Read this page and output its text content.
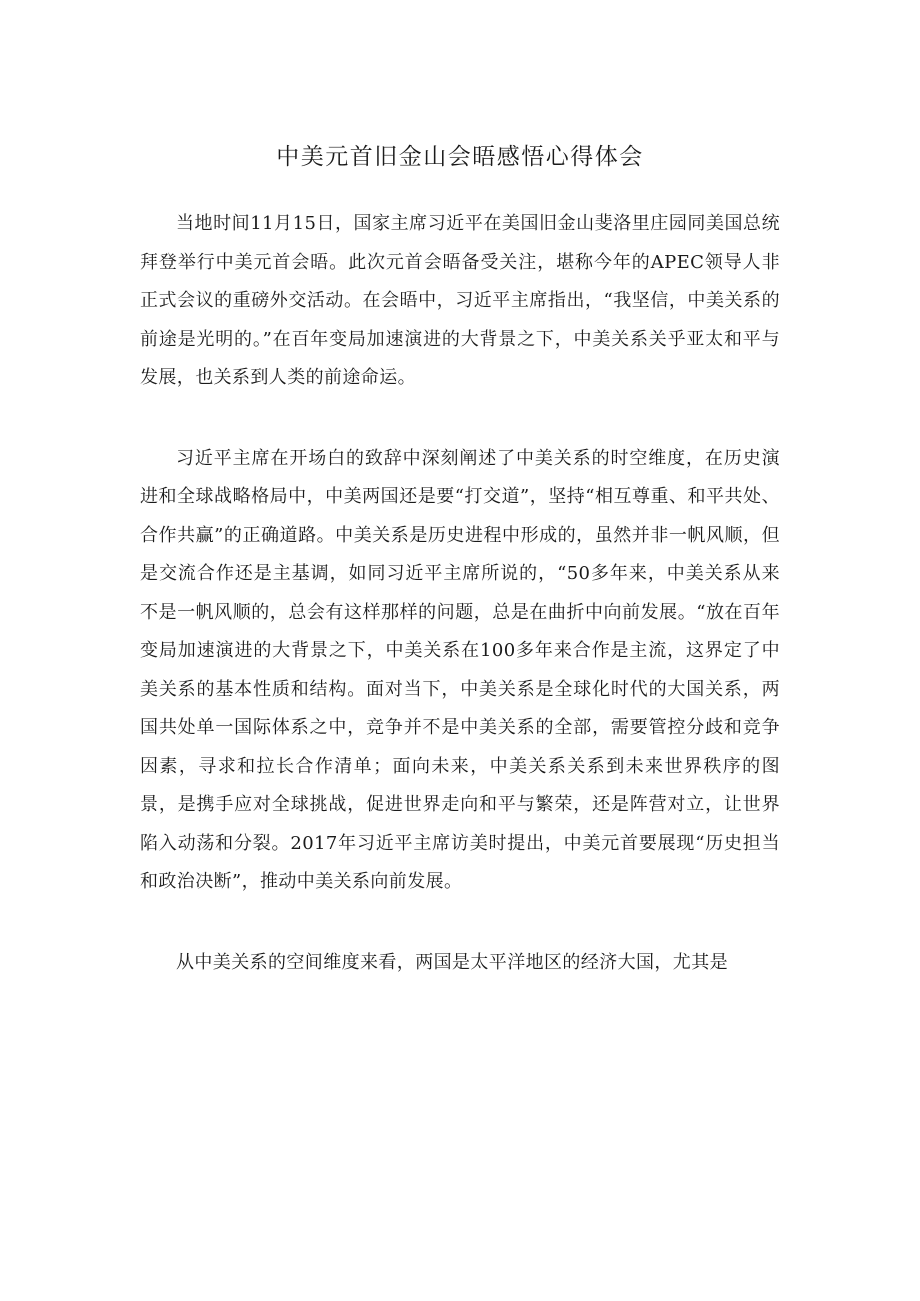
中美元首旧金山会晤感悟心得体会

当地时间11月15日，国家主席习近平在美国旧金山斐洛里庄园同美国总统拜登举行中美元首会晤。此次元首会晤备受关注，堪称今年的APEC领导人非正式会议的重磅外交活动。在会晤中，习近平主席指出，“我坚信，中美关系的前途是光明的。”在百年变局加速演进的大背景之下，中美关系关乎亚太和平与发展，也关系到人类的前途命运。

习近平主席在开场白的致辞中深刻阐述了中美关系的时空维度，在历史演进和全球战略格局中，中美两国还是要“打交道”，坚持“相互尊重、和平共处、合作共赢”的正确道路。中美关系是历史进程中形成的，虽然并非一帆风顺，但是交流合作还是主基调，如同习近平主席所说的，“50多年来，中美关系从来不是一帆风顺的，总会有这样那样的问题，总是在曲折中向前发展。“放在百年变局加速演进的大背景之下，中美关系在100多年来合作是主流，这界定了中美关系的基本性质和结构。面对当下，中美关系是全球化时代的大国关系，两国共处单一国际体系之中，竞争并不是中美关系的全部，需要管控分歧和竞争因素，寻求和拉长合作清单；面向未来，中美关系关系到未来世界秩序的图景，是携手应对全球挑战，促进世界走向和平与繁荣，还是阵营对立，让世界陷入动荡和分裂。2017年习近平主席访美时提出，中美元首要展现“历史担当和政治决断”，推动中美关系向前发展。

从中美关系的空间维度来看，两国是太平洋地区的经济大国，尤其是
